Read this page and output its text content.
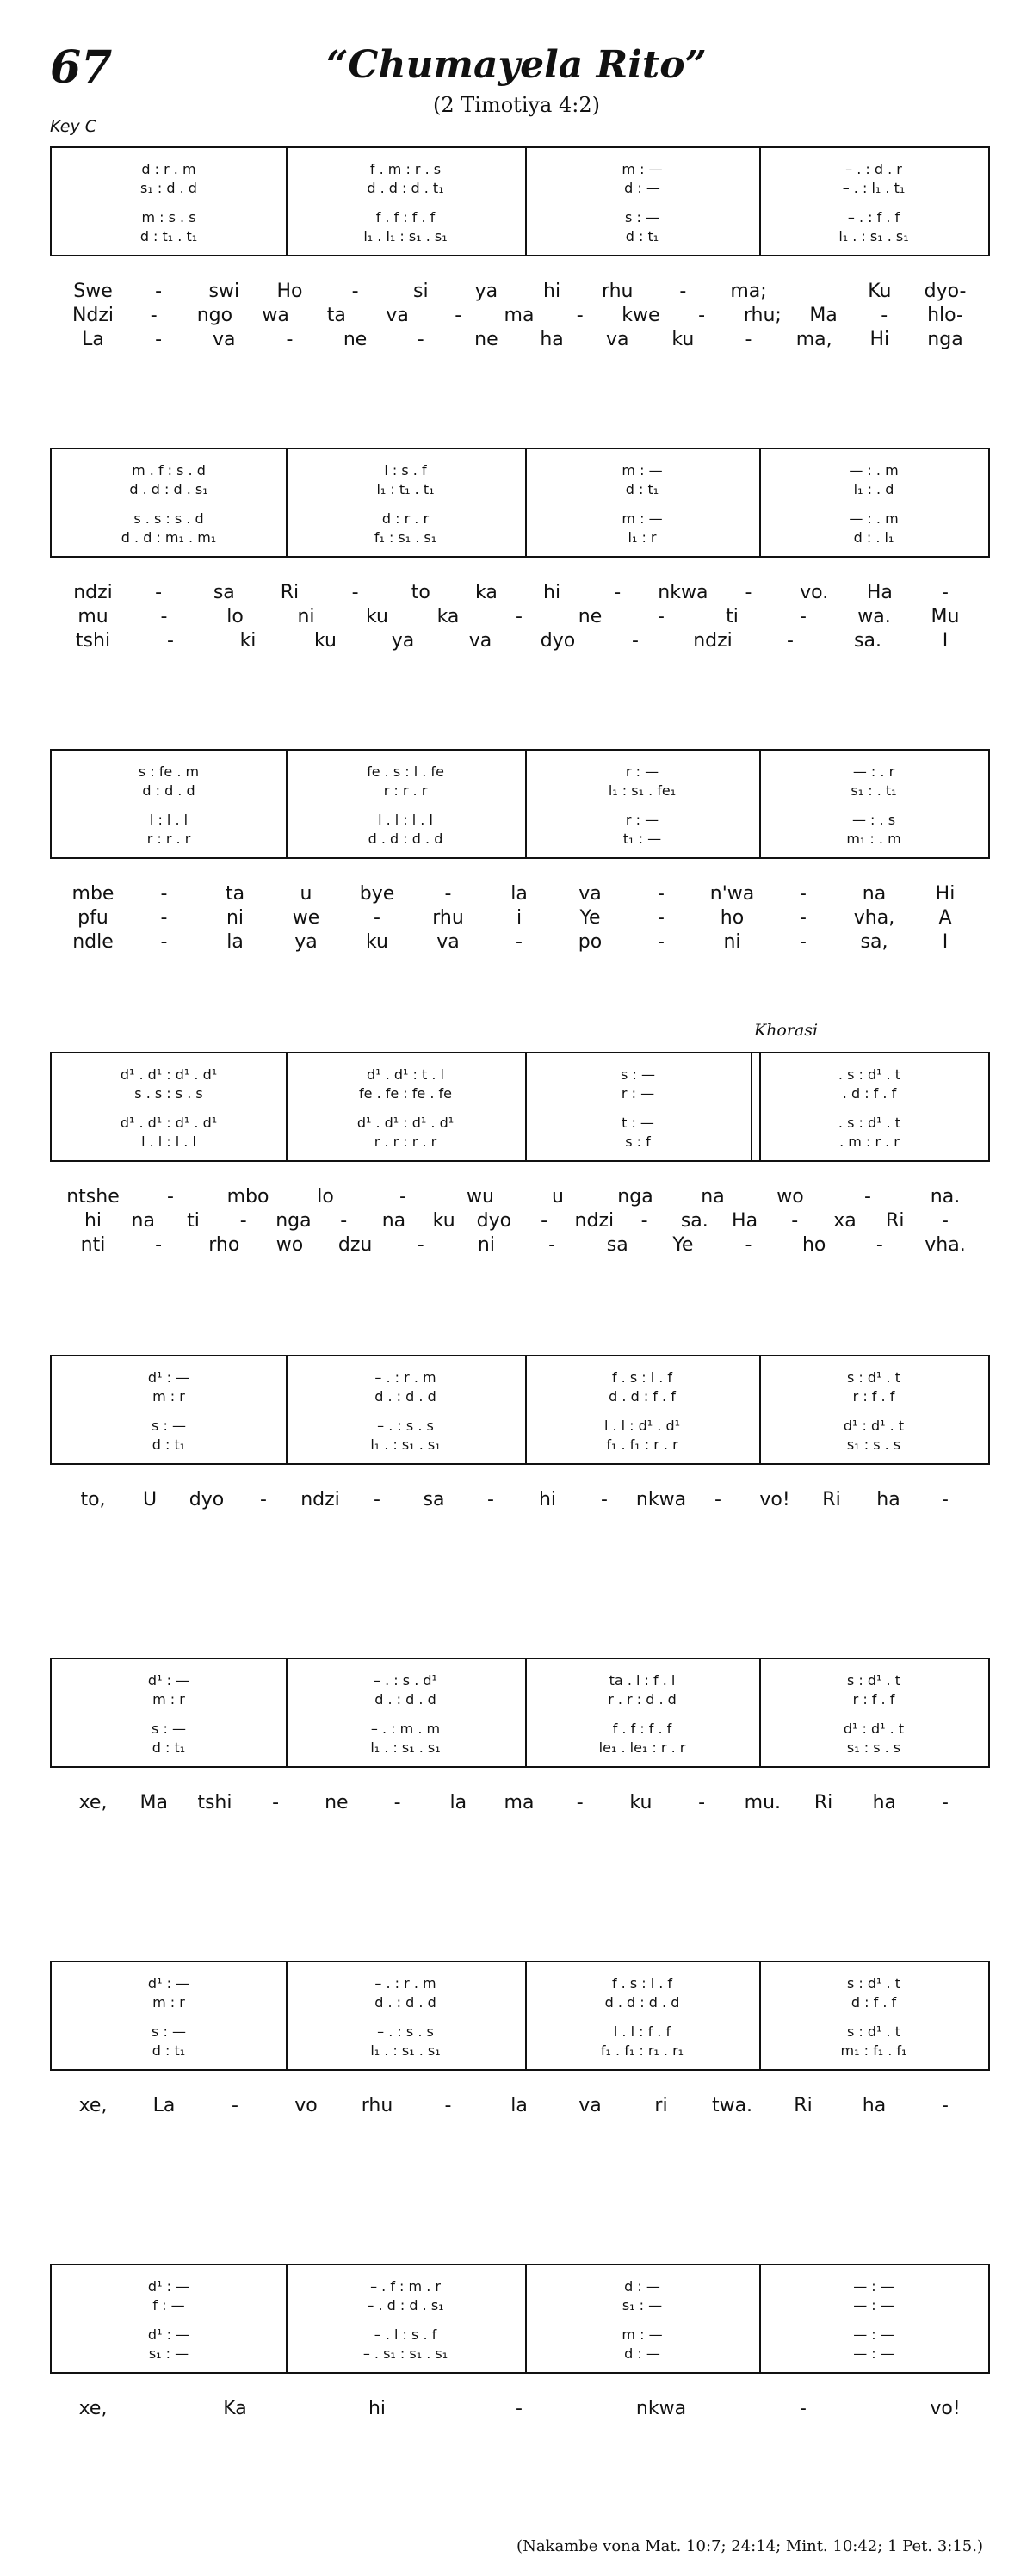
67	“Chumayela Rito”
(2 Timotiya 4:2)
Key C
d : r . m	f . m : r . s	m : —	– . : d . r
s₁ : d . d	d . d : d . t₁	d : —	– . : l₁ . t₁
m : s . s	f . f : f . f	s : —	– . : f . f
d : t₁ . t₁	l₁ . l₁ : s₁ . s₁	d : t₁	l₁ . : s₁ . s₁
Swe - swi Ho	-	si ya hi rhu - ma;	Ku dyo-
Ndzi - ngo wa ta va - ma - kwe - rhu; Ma - hlo-
La	-	va	-	ne	-	ne ha va ku	- ma, Hi nga
m . f : s . d	l : s . f	m : —	— : . m
d . d : d . s₁	l₁ : t₁ . t₁	d : t₁	l₁ : . d
s . s : s . d	d : r . r	m : —	— : . m
d . d : m₁ . m₁	f₁ : s₁ . s₁	l₁ : r	d : . l₁
ndzi -	sa Ri	-	to ka hi	- nkwa -	vo. Ha	-
mu	-	lo	ni	ku	ka	-	ne	-	ti	-	wa. Mu
tshi	-	ki	ku	ya	va	dyo	-	ndzi	-	sa.	I
s : fe . m	fe . s : l . fe	r : —	— : . r
d : d . d	r : r . r	l₁ : s₁ . fe₁	s₁ : . t₁
l : l . l	l . l : l . l	r : —	— : . s
r : r . r	d . d : d . d	t₁ : —	m₁ : . m
mbe -	ta	u	bye	-	la	va	- n'wa -	na	Hi
pfu	-	ni	we	-	rhu	i	Ye	-	ho	- vha, A
ndle -	la	ya	ku	va	-	po	-	ni	-	sa,	I
d¹ . d¹ : d¹ . d¹	d¹ . d¹ : t . l	s : —	. s : d¹ . t
s . s : s . s	fe . fe : fe . fe	r : —	. d : f . f
d¹ . d¹ : d¹ . d¹	d¹ . d¹ : d¹ . d¹	t : —	. s : d¹ . t
l . l : l . l	r . r : r . r	s : f	. m : r . r
ntshe	-	mbo	lo	-	wu	u	nga	na	wo	-	na.
hi na ti - nga - na ku dyo - ndzi - sa. Ha - xa Ri -
nti	- rho wo dzu -	ni	-	sa Ye	-	ho	- vha.
d¹ : —	– . : r . m	f . s : l . f	s : d¹ . t
m : r	d . : d . d	d . d : f . f	r : f . f
s : —	– . : s . s	l . l : d¹ . d¹	d¹ : d¹ . t
d : t₁	l₁ . : s₁ . s₁	f₁ . f₁ : r . r	s₁ : s . s
to, U dyo - ndzi - sa - hi - nkwa - vo! Ri ha -
d¹ : —	– . : s . d¹	ta . l : f . l	s : d¹ . t
m : r	d . : d . d	r . r : d . d	r : f . f
s : —	– . : m . m	f . f : f . f	d¹ : d¹ . t
d : t₁	l₁ . : s₁ . s₁	le₁ . le₁ : r . r	s₁ : s . s
xe, Ma tshi - ne -	la ma - ku - mu. Ri ha -
d¹ : —	– . : r . m	f . s : l . f	s : d¹ . t
m : r	d . : d . d	d . d : d . d	d : f . f
s : —	– . : s . s	l . l : f . f	s : d¹ . t
d : t₁	l₁ . : s₁ . s₁	f₁ . f₁ : r₁ . r₁	m₁ : f₁ . f₁
xe, La	-	vo rhu	-	la	va	ri twa. Ri	ha	-
d¹ : —	– . f : m . r	d : —	— : —
f : —	– . d : d . s₁	s₁ : —	— : —
d¹ : —	– . l : s . f	m : —	— : —
s₁ : —	– . s₁ : s₁ . s₁	d : —	— : —
xe,	Ka	hi	-	nkwa	-	vo!
Khorasi
(Nakambe vona Mat. 10:7; 24:14; Mint. 10:42; 1 Pet. 3:15.)
